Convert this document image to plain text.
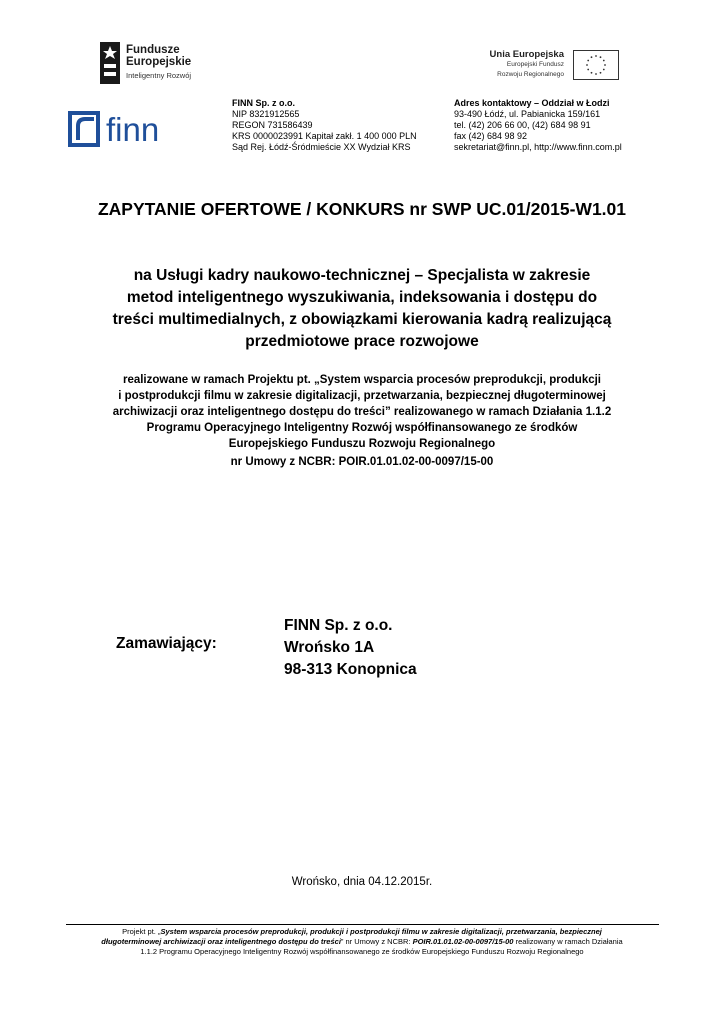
Fundusze
Europejskie
Inteligentny Rozwój
Unia Europejska
Europejski Fundusz
Rozwoju Regionalnego
finn
FINN Sp. z o.o.
NIP 8321912565
REGON 731586439
KRS 0000023991 Kapitał zakł. 1 400 000 PLN
Sąd Rej. Łódź-Śródmieście XX Wydział KRS
Adres kontaktowy – Oddział w Łodzi
93-490 Łódź, ul. Pabianicka 159/161
tel. (42) 206 66 00, (42) 684 98 91
fax (42) 684 98 92
sekretariat@finn.pl, http://www.finn.com.pl
ZAPYTANIE OFERTOWE / KONKURS nr SWP UC.01/2015-W1.01
na Usługi kadry naukowo-technicznej – Specjalista w zakresie
metod inteligentnego wyszukiwania, indeksowania i dostępu do
treści multimedialnych, z obowiązkami kierowania kadrą realizującą
przedmiotowe prace rozwojowe
realizowane w ramach Projektu pt. „System wsparcia procesów preprodukcji, produkcji
i postprodukcji filmu w zakresie digitalizacji, przetwarzania, bezpiecznej długoterminowej
archiwizacji oraz inteligentnego dostępu do treści” realizowanego w ramach Działania 1.1.2
Programu Operacyjnego Inteligentny Rozwój współfinansowanego ze środków
Europejskiego Funduszu Rozwoju Regionalnego
nr Umowy z NCBR: POIR.01.01.02-00-0097/15-00
Zamawiający:
FINN Sp. z o.o.
Wrońsko 1A
98-313 Konopnica
Wrońsko, dnia 04.12.2015r.
Projekt pt. „System wsparcia procesów preprodukcji, produkcji i postprodukcji filmu w zakresie digitalizacji, przetwarzania, bezpiecznej
długoterminowej archiwizacji oraz inteligentnego dostępu do treści” nr Umowy z NCBR: POIR.01.01.02-00-0097/15-00 realizowany w ramach Działania
1.1.2 Programu Operacyjnego Inteligentny Rozwój współfinansowanego ze środków Europejskiego Funduszu Rozwoju Regionalnego
